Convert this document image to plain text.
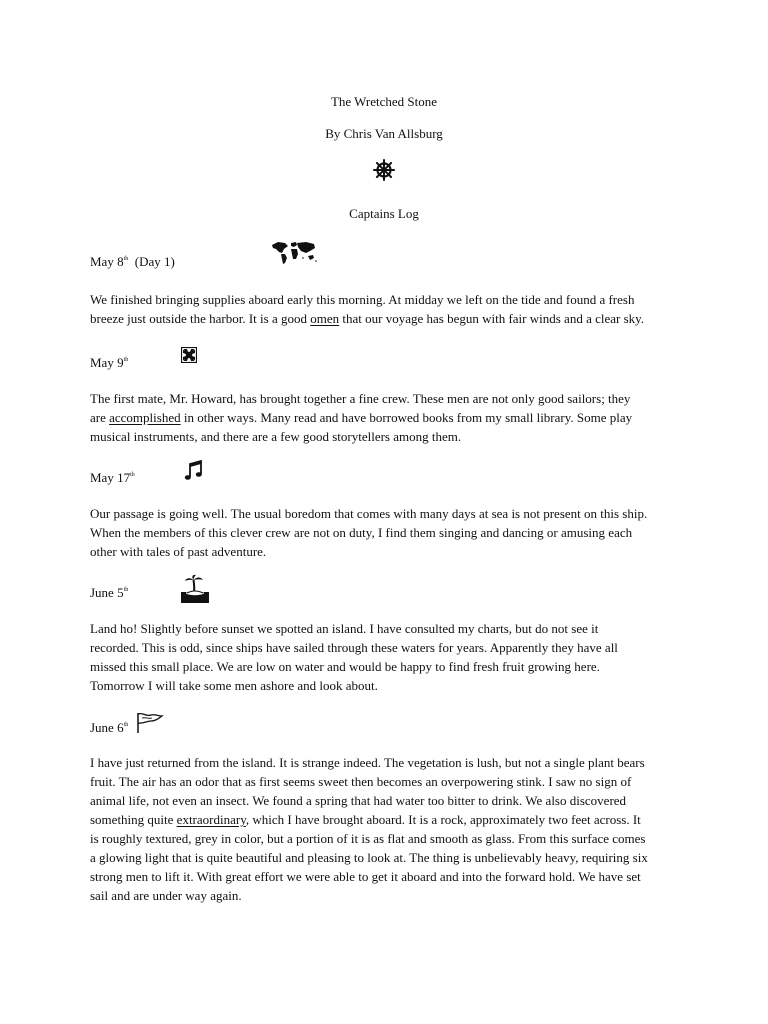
The Wretched Stone
By Chris Van Allsburg
Captains Log
May 8th (Day 1)
We finished bringing supplies aboard early this morning. At midday we left on the tide and found a fresh
breeze just outside the harbor. It is a good omen that our voyage has begun with fair winds and a clear sky.
May 9th
The first mate, Mr. Howard, has brought together a fine crew. These men are not only good sailors; they
are accomplished in other ways. Many read and have borrowed books from my small library. Some play
musical instruments, and there are a few good storytellers among them.
May 17th
Our passage is going well. The usual boredom that comes with many days at sea is not present on this ship.
When the members of this clever crew are not on duty, I find them singing and dancing or amusing each
other with tales of past adventure.
June 5th
Land ho! Slightly before sunset we spotted an island. I have consulted my charts, but do not see it
recorded. This is odd, since ships have sailed through these waters for years. Apparently they have all
missed this small place. We are low on water and would be happy to find fresh fruit growing here.
Tomorrow I will take some men ashore and look about.
June 6th
I have just returned from the island. It is strange indeed. The vegetation is lush, but not a single plant bears
fruit. The air has an odor that as first seems sweet then becomes an overpowering stink. I saw no sign of
animal life, not even an insect. We found a spring that had water too bitter to drink. We also discovered
something quite extraordinary, which I have brought aboard. It is a rock, approximately two feet across. It
is roughly textured, grey in color, but a portion of it is as flat and smooth as glass. From this surface comes
a glowing light that is quite beautiful and pleasing to look at. The thing is unbelievably heavy, requiring six
strong men to lift it. With great effort we were able to get it aboard and into the forward hold. We have set
sail and are under way again.
